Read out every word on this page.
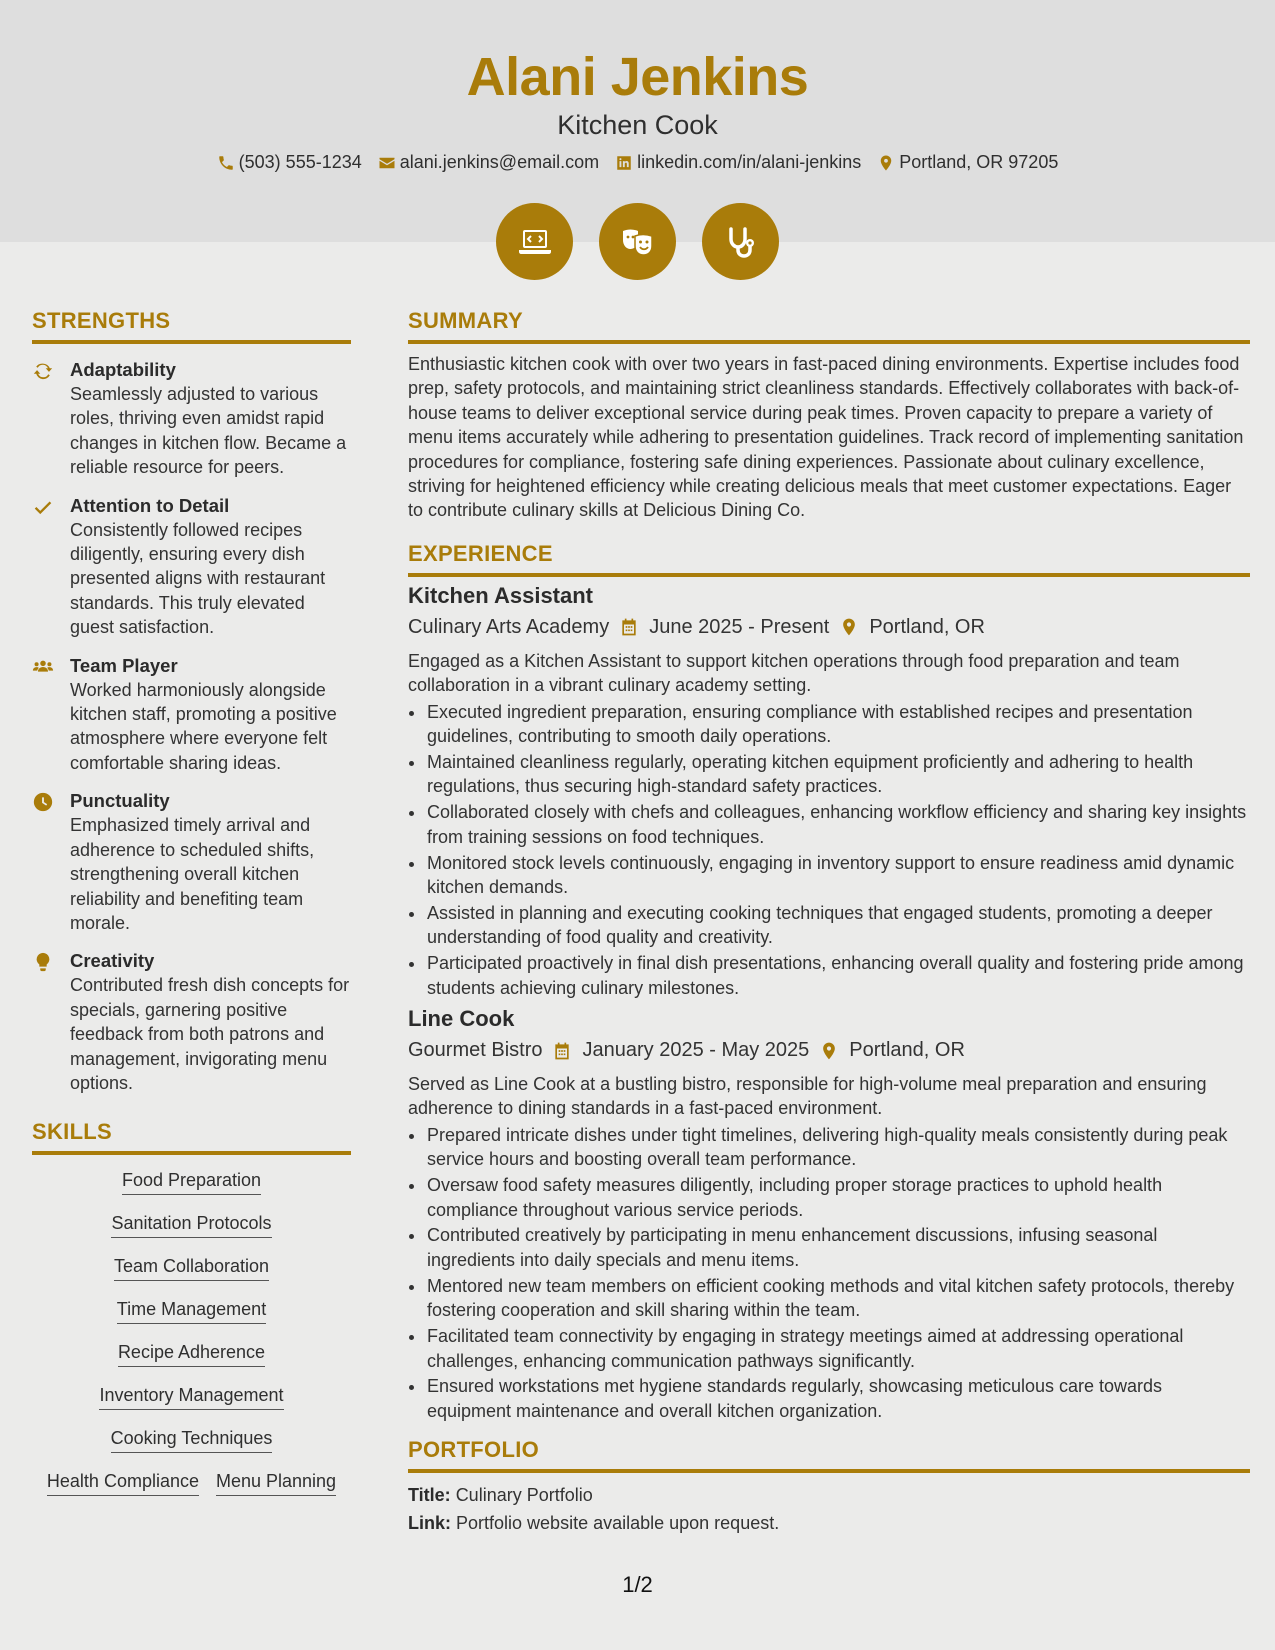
Alani Jenkins
Kitchen Cook
(503) 555-1234 alani.jenkins@email.com linkedin.com/in/alani-jenkins Portland, OR 97205
STRENGTHS
Adaptability
Seamlessly adjusted to various roles, thriving even amidst rapid changes in kitchen flow. Became a reliable resource for peers.
Attention to Detail
Consistently followed recipes diligently, ensuring every dish presented aligns with restaurant standards. This truly elevated guest satisfaction.
Team Player
Worked harmoniously alongside kitchen staff, promoting a positive atmosphere where everyone felt comfortable sharing ideas.
Punctuality
Emphasized timely arrival and adherence to scheduled shifts, strengthening overall kitchen reliability and benefiting team morale.
Creativity
Contributed fresh dish concepts for specials, garnering positive feedback from both patrons and management, invigorating menu options.
SKILLS
Food Preparation
Sanitation Protocols
Team Collaboration
Time Management
Recipe Adherence
Inventory Management
Cooking Techniques
Health Compliance Menu Planning
SUMMARY
Enthusiastic kitchen cook with over two years in fast-paced dining environments. Expertise includes food prep, safety protocols, and maintaining strict cleanliness standards. Effectively collaborates with back-of-house teams to deliver exceptional service during peak times. Proven capacity to prepare a variety of menu items accurately while adhering to presentation guidelines. Track record of implementing sanitation procedures for compliance, fostering safe dining experiences. Passionate about culinary excellence, striving for heightened efficiency while creating delicious meals that meet customer expectations. Eager to contribute culinary skills at Delicious Dining Co.
EXPERIENCE
Kitchen Assistant
Culinary Arts Academy June 2025 - Present Portland, OR
Engaged as a Kitchen Assistant to support kitchen operations through food preparation and team collaboration in a vibrant culinary academy setting.
• Executed ingredient preparation, ensuring compliance with established recipes and presentation guidelines, contributing to smooth daily operations.
• Maintained cleanliness regularly, operating kitchen equipment proficiently and adhering to health regulations, thus securing high-standard safety practices.
• Collaborated closely with chefs and colleagues, enhancing workflow efficiency and sharing key insights from training sessions on food techniques.
• Monitored stock levels continuously, engaging in inventory support to ensure readiness amid dynamic kitchen demands.
• Assisted in planning and executing cooking techniques that engaged students, promoting a deeper understanding of food quality and creativity.
• Participated proactively in final dish presentations, enhancing overall quality and fostering pride among students achieving culinary milestones.
Line Cook
Gourmet Bistro January 2025 - May 2025 Portland, OR
Served as Line Cook at a bustling bistro, responsible for high-volume meal preparation and ensuring adherence to dining standards in a fast-paced environment.
• Prepared intricate dishes under tight timelines, delivering high-quality meals consistently during peak service hours and boosting overall team performance.
• Oversaw food safety measures diligently, including proper storage practices to uphold health compliance throughout various service periods.
• Contributed creatively by participating in menu enhancement discussions, infusing seasonal ingredients into daily specials and menu items.
• Mentored new team members on efficient cooking methods and vital kitchen safety protocols, thereby fostering cooperation and skill sharing within the team.
• Facilitated team connectivity by engaging in strategy meetings aimed at addressing operational challenges, enhancing communication pathways significantly.
• Ensured workstations met hygiene standards regularly, showcasing meticulous care towards equipment maintenance and overall kitchen organization.
PORTFOLIO
Title: Culinary Portfolio
Link: Portfolio website available upon request.
1/2
